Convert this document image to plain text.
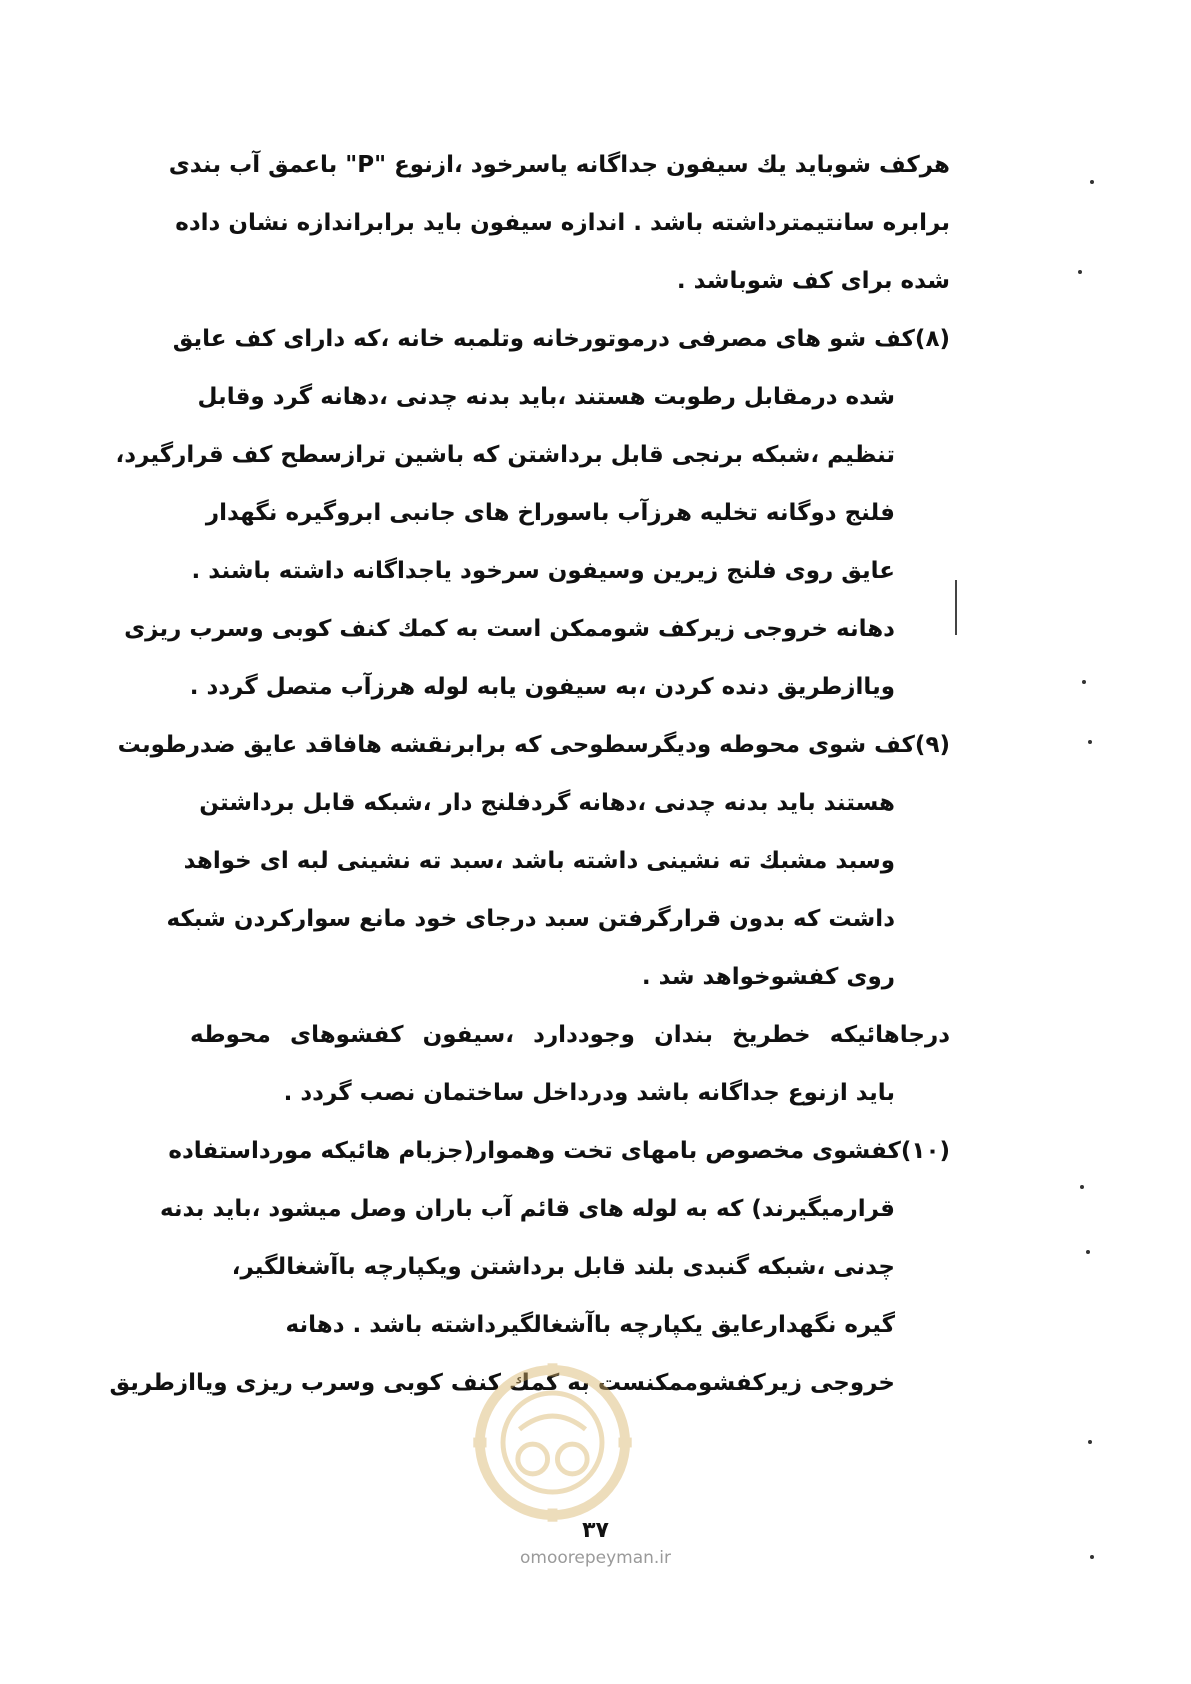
هرکف شوباید یك سیفون جداگانه یاسرخود ،ازنوع "P" باعمق آب بندی
برابره سانتیمترداشته باشد . اندازه سیفون باید برابراندازه نشان داده
شده برای کف شوباشد .
(۸)کف شو های مصرفی درموتورخانه وتلمبه خانه ،که دارای کف عایق
شده درمقابل رطوبت هستند ،باید بدنه چدنی ،دهانه گرد وقابل
تنظیم ،شبکه برنجی قابل برداشتن که باشین ترازسطح کف قرارگیرد،
فلنج دوگانه تخلیه هرزآب باسوراخ های جانبی ابروگیره نگهدار
عایق روی فلنج زیرین وسیفون سرخود یاجداگانه داشته باشند .
دهانه خروجی زیرکف شوممکن است به کمك کنف کوبی وسرب ریزی
ویاازطریق دنده کردن ،به سیفون یابه لوله هرزآب متصل گردد .
(۹)کف شوی محوطه ودیگرسطوحی که برابرنقشه هافاقد عایق ضدرطوبت
هستند باید بدنه چدنی ،دهانه گردفلنج دار ،شبکه قابل برداشتن
وسبد مشبك ته نشینی داشته باشد ،سبد ته نشینی لبه ای خواهد
داشت که بدون قرارگرفتن سبد درجای خود مانع سوارکردن شبکه
روی کفشوخواهد شد .
درجاهائیکه خطریخ بندان وجوددارد ،سیفون کفشوهای محوطه
باید ازنوع جداگانه باشد ودرداخل ساختمان نصب گردد .
(۱۰)کفشوی مخصوص بامهای تخت وهموار(جزبام هائیکه مورداستفاده
قرارمیگیرند) که به لوله های قائم آب باران وصل میشود ،باید بدنه
چدنی ،شبکه گنبدی بلند قابل برداشتن ویکپارچه باآشغالگیر،
گیره نگهدارعایق یکپارچه باآشغالگیرداشته باشد . دهانه
خروجی زیرکفشوممکنست به کمك کنف کوبی وسرب ریزی ویاازطریق
۳۷
omoorepeyman.ir
